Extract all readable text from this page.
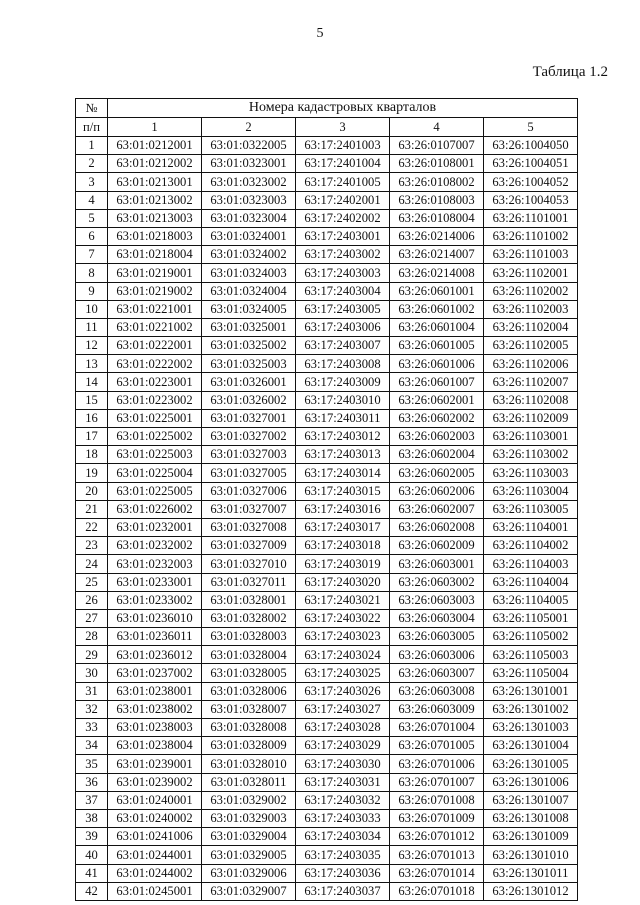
5
Таблица 1.2
№	Номера кадастровых кварталов				
п/п	1	2	3	4	5
1	63:01:0212001	63:01:0322005	63:17:2401003	63:26:0107007	63:26:1004050
2	63:01:0212002	63:01:0323001	63:17:2401004	63:26:0108001	63:26:1004051
3	63:01:0213001	63:01:0323002	63:17:2401005	63:26:0108002	63:26:1004052
4	63:01:0213002	63:01:0323003	63:17:2402001	63:26:0108003	63:26:1004053
5	63:01:0213003	63:01:0323004	63:17:2402002	63:26:0108004	63:26:1101001
6	63:01:0218003	63:01:0324001	63:17:2403001	63:26:0214006	63:26:1101002
7	63:01:0218004	63:01:0324002	63:17:2403002	63:26:0214007	63:26:1101003
8	63:01:0219001	63:01:0324003	63:17:2403003	63:26:0214008	63:26:1102001
9	63:01:0219002	63:01:0324004	63:17:2403004	63:26:0601001	63:26:1102002
10	63:01:0221001	63:01:0324005	63:17:2403005	63:26:0601002	63:26:1102003
11	63:01:0221002	63:01:0325001	63:17:2403006	63:26:0601004	63:26:1102004
12	63:01:0222001	63:01:0325002	63:17:2403007	63:26:0601005	63:26:1102005
13	63:01:0222002	63:01:0325003	63:17:2403008	63:26:0601006	63:26:1102006
14	63:01:0223001	63:01:0326001	63:17:2403009	63:26:0601007	63:26:1102007
15	63:01:0223002	63:01:0326002	63:17:2403010	63:26:0602001	63:26:1102008
16	63:01:0225001	63:01:0327001	63:17:2403011	63:26:0602002	63:26:1102009
17	63:01:0225002	63:01:0327002	63:17:2403012	63:26:0602003	63:26:1103001
18	63:01:0225003	63:01:0327003	63:17:2403013	63:26:0602004	63:26:1103002
19	63:01:0225004	63:01:0327005	63:17:2403014	63:26:0602005	63:26:1103003
20	63:01:0225005	63:01:0327006	63:17:2403015	63:26:0602006	63:26:1103004
21	63:01:0226002	63:01:0327007	63:17:2403016	63:26:0602007	63:26:1103005
22	63:01:0232001	63:01:0327008	63:17:2403017	63:26:0602008	63:26:1104001
23	63:01:0232002	63:01:0327009	63:17:2403018	63:26:0602009	63:26:1104002
24	63:01:0232003	63:01:0327010	63:17:2403019	63:26:0603001	63:26:1104003
25	63:01:0233001	63:01:0327011	63:17:2403020	63:26:0603002	63:26:1104004
26	63:01:0233002	63:01:0328001	63:17:2403021	63:26:0603003	63:26:1104005
27	63:01:0236010	63:01:0328002	63:17:2403022	63:26:0603004	63:26:1105001
28	63:01:0236011	63:01:0328003	63:17:2403023	63:26:0603005	63:26:1105002
29	63:01:0236012	63:01:0328004	63:17:2403024	63:26:0603006	63:26:1105003
30	63:01:0237002	63:01:0328005	63:17:2403025	63:26:0603007	63:26:1105004
31	63:01:0238001	63:01:0328006	63:17:2403026	63:26:0603008	63:26:1301001
32	63:01:0238002	63:01:0328007	63:17:2403027	63:26:0603009	63:26:1301002
33	63:01:0238003	63:01:0328008	63:17:2403028	63:26:0701004	63:26:1301003
34	63:01:0238004	63:01:0328009	63:17:2403029	63:26:0701005	63:26:1301004
35	63:01:0239001	63:01:0328010	63:17:2403030	63:26:0701006	63:26:1301005
36	63:01:0239002	63:01:0328011	63:17:2403031	63:26:0701007	63:26:1301006
37	63:01:0240001	63:01:0329002	63:17:2403032	63:26:0701008	63:26:1301007
38	63:01:0240002	63:01:0329003	63:17:2403033	63:26:0701009	63:26:1301008
39	63:01:0241006	63:01:0329004	63:17:2403034	63:26:0701012	63:26:1301009
40	63:01:0244001	63:01:0329005	63:17:2403035	63:26:0701013	63:26:1301010
41	63:01:0244002	63:01:0329006	63:17:2403036	63:26:0701014	63:26:1301011
42	63:01:0245001	63:01:0329007	63:17:2403037	63:26:0701018	63:26:1301012
